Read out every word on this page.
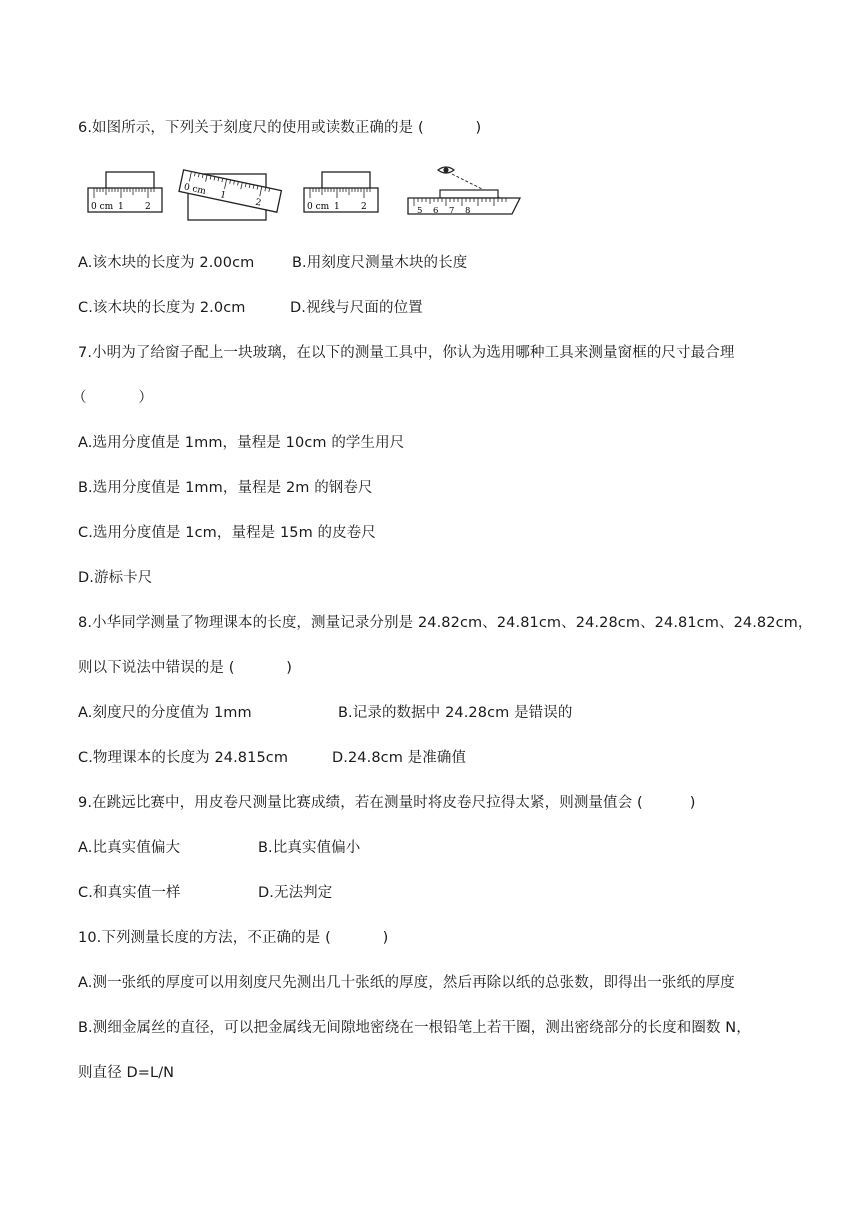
6.如图所示，下列关于刻度尺的使用或读数正确的是 (           )
0 cm 1 2
0 cm 1
2	0 cm 1 2	5 6 7 8
A.该木块的长度为 2.00cm	B.用刻度尺测量木块的长度
C.该木块的长度为 2.0cm	D.视线与尺面的位置
7.小明为了给窗子配上一块玻璃，在以下的测量工具中，你认为选用哪种工具来测量窗框的尺寸最合理
（           ）
A.选用分度值是 1mm，量程是 10cm 的学生用尺
B.选用分度值是 1mm，量程是 2m 的钢卷尺
C.选用分度值是 1cm，量程是 15m 的皮卷尺
D.游标卡尺
8.小华同学测量了物理课本的长度，测量记录分别是 24.82cm、24.81cm、24.28cm、24.81cm、24.82cm，
则以下说法中错误的是 (           )
A.刻度尺的分度值为 1mm	B.记录的数据中 24.28cm 是错误的
C.物理课本的长度为 24.815cm	D.24.8cm 是准确值
9.在跳远比赛中，用皮卷尺测量比赛成绩，若在测量时将皮卷尺拉得太紧，则测量值会 (          )
A.比真实值偏大	B.比真实值偏小
C.和真实值一样	D.无法判定
10.下列测量长度的方法，不正确的是 (           )
A.测一张纸的厚度可以用刻度尺先测出几十张纸的厚度，然后再除以纸的总张数，即得出一张纸的厚度
B.测细金属丝的直径，可以把金属线无间隙地密绕在一根铅笔上若干圈，测出密绕部分的长度和圈数 N，
则直径 D=L/N
